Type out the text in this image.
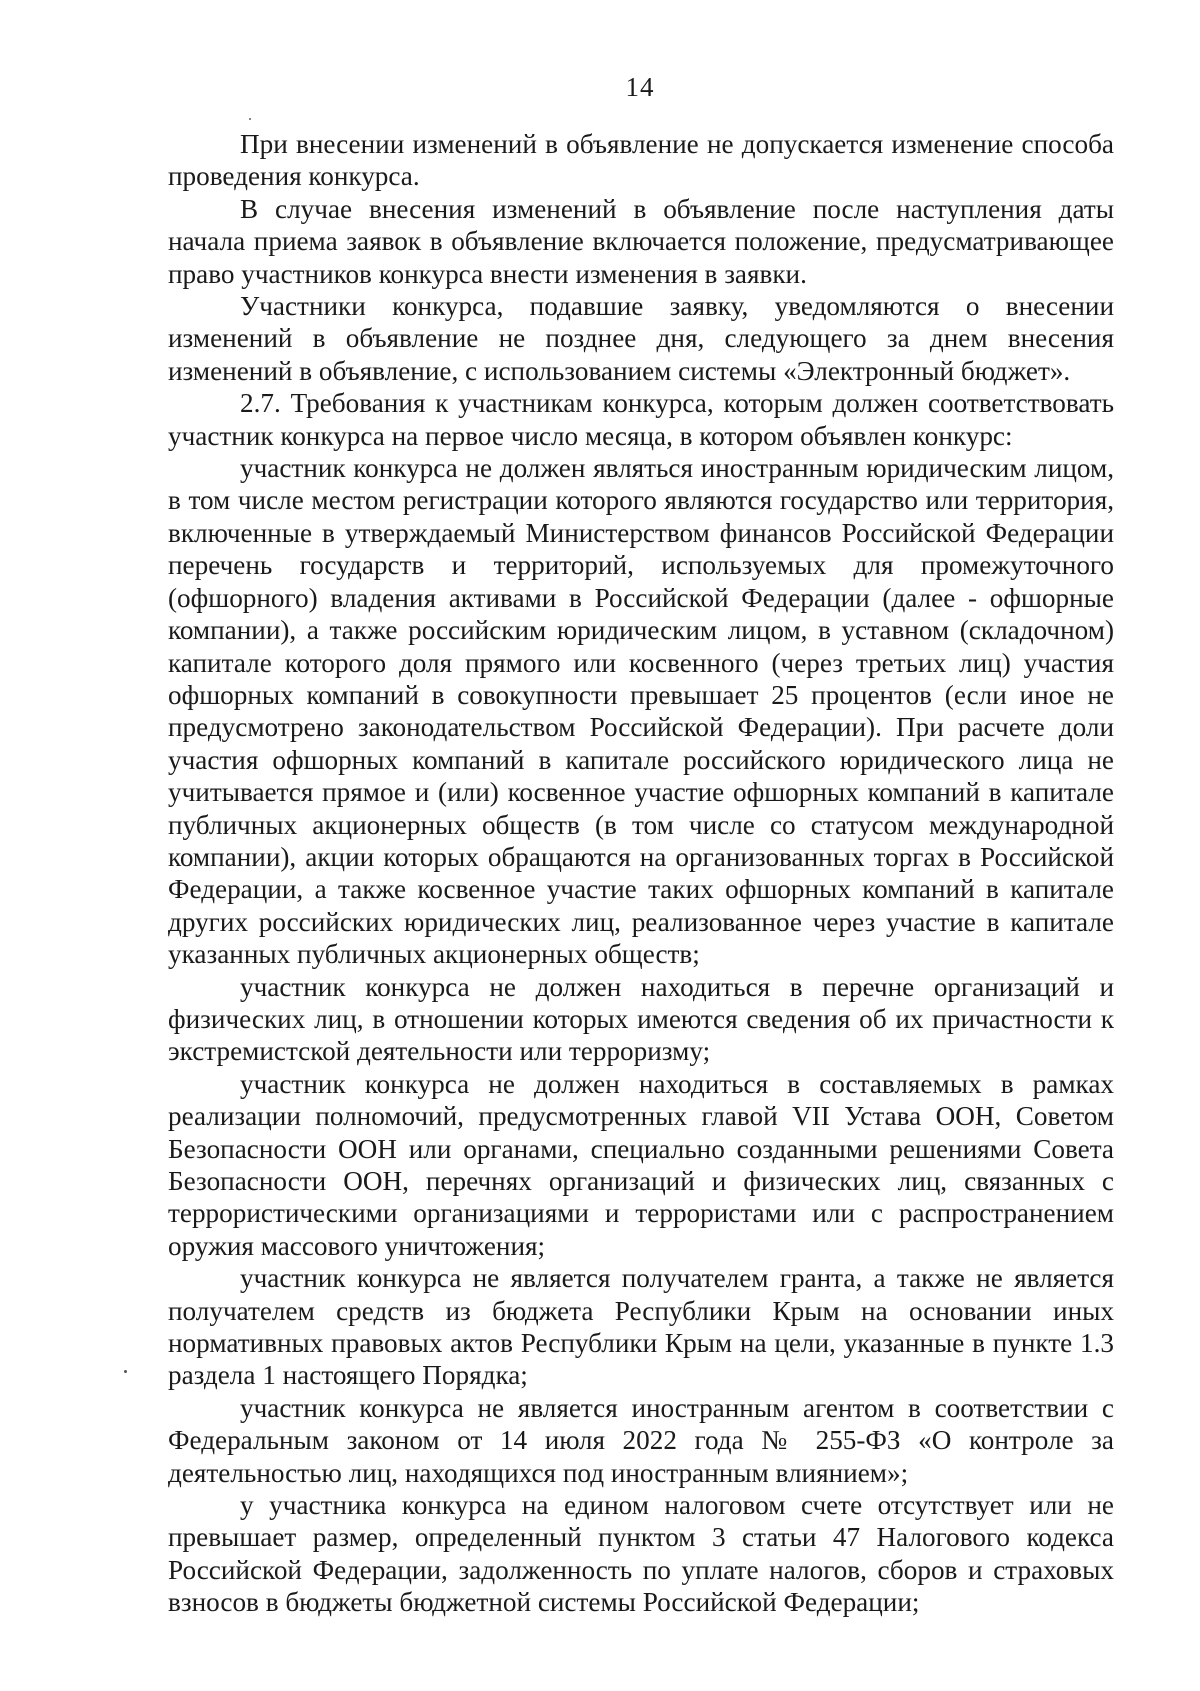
14

При внесении изменений в объявление не допускается изменение способа проведения конкурса.

В случае внесения изменений в объявление после наступления даты начала приема заявок в объявление включается положение, предусматривающее право участников конкурса внести изменения в заявки.

Участники конкурса, подавшие заявку, уведомляются о внесении изменений в объявление не позднее дня, следующего за днем внесения изменений в объявление, с использованием системы «Электронный бюджет».

2.7. Требования к участникам конкурса, которым должен соответствовать участник конкурса на первое число месяца, в котором объявлен конкурс:

участник конкурса не должен являться иностранным юридическим лицом, в том числе местом регистрации которого являются государство или территория, включенные в утверждаемый Министерством финансов Российской Федерации перечень государств и территорий, используемых для промежуточного (офшорного) владения активами в Российской Федерации (далее - офшорные компании), а также российским юридическим лицом, в уставном (складочном) капитале которого доля прямого или косвенного (через третьих лиц) участия офшорных компаний в совокупности превышает 25 процентов (если иное не предусмотрено законодательством Российской Федерации). При расчете доли участия офшорных компаний в капитале российского юридического лица не учитывается прямое и (или) косвенное участие офшорных компаний в капитале публичных акционерных обществ (в том числе со статусом международной компании), акции которых обращаются на организованных торгах в Российской Федерации, а также косвенное участие таких офшорных компаний в капитале других российских юридических лиц, реализованное через участие в капитале указанных публичных акционерных обществ;

участник конкурса не должен находиться в перечне организаций и физических лиц, в отношении которых имеются сведения об их причастности к экстремистской деятельности или терроризму;

участник конкурса не должен находиться в составляемых в рамках реализации полномочий, предусмотренных главой VII Устава ООН, Советом Безопасности ООН или органами, специально созданными решениями Совета Безопасности ООН, перечнях организаций и физических лиц, связанных с террористическими организациями и террористами или с распространением оружия массового уничтожения;

участник конкурса не является получателем гранта, а также не является получателем средств из бюджета Республики Крым на основании иных нормативных правовых актов Республики Крым на цели, указанные в пункте 1.3 раздела 1 настоящего Порядка;

участник конкурса не является иностранным агентом в соответствии с Федеральным законом от 14 июля 2022 года № 255-ФЗ «О контроле за деятельностью лиц, находящихся под иностранным влиянием»;

у участника конкурса на едином налоговом счете отсутствует или не превышает размер, определенный пунктом 3 статьи 47 Налогового кодекса Российской Федерации, задолженность по уплате налогов, сборов и страховых взносов в бюджеты бюджетной системы Российской Федерации;
